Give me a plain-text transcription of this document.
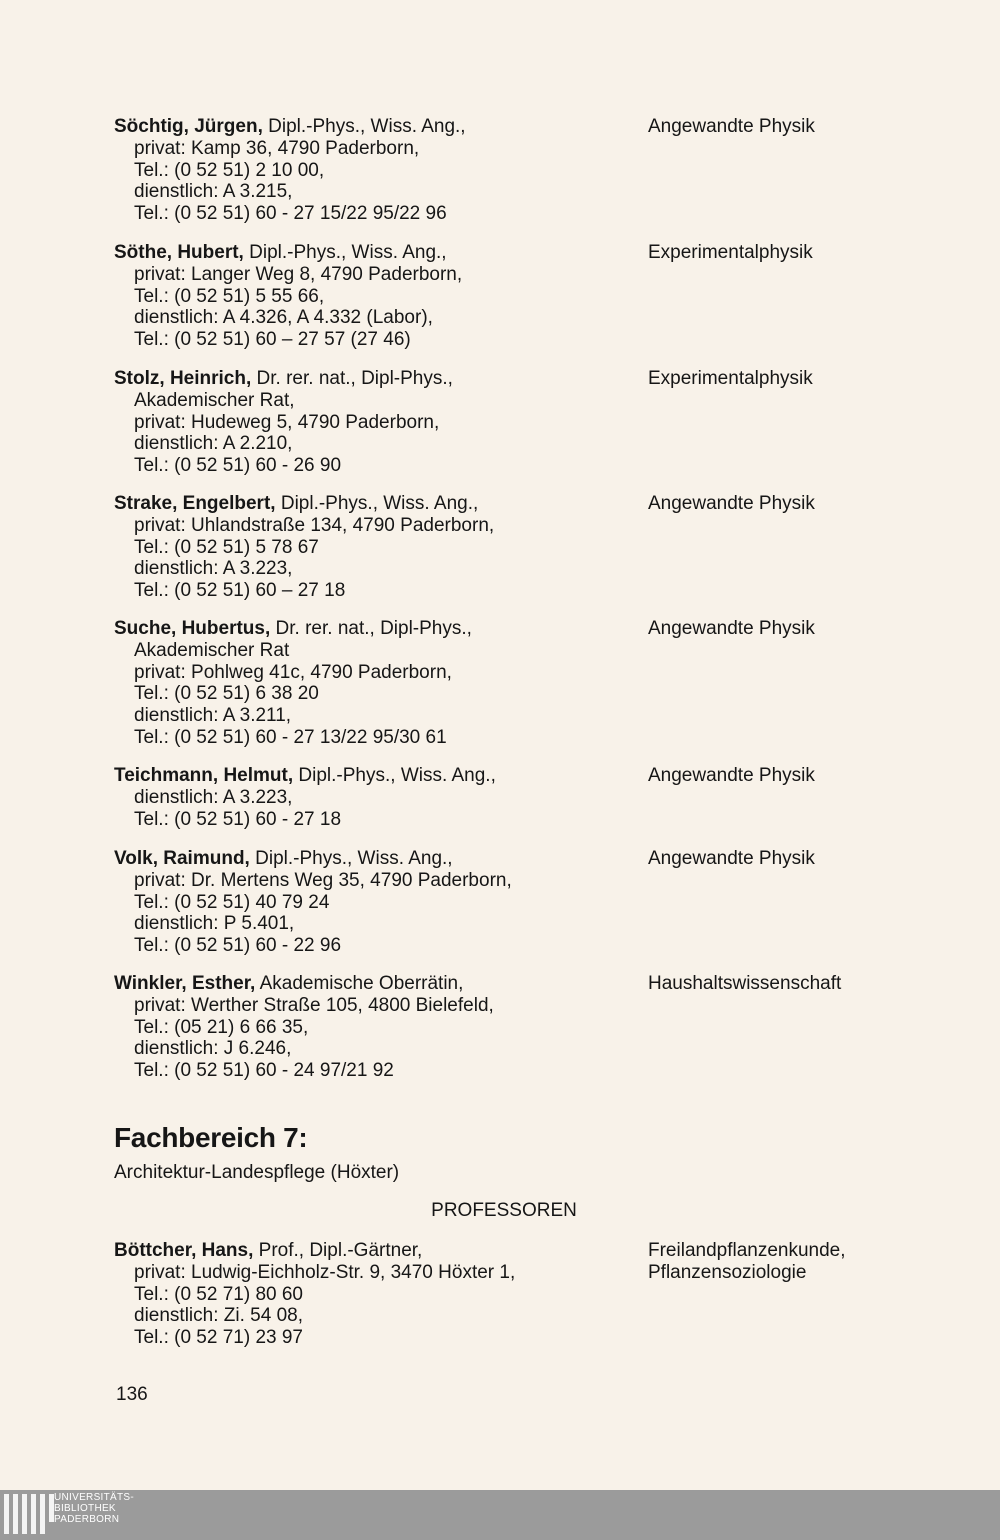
Söchtig, Jürgen, Dipl.-Phys., Wiss. Ang.,
privat: Kamp 36, 4790 Paderborn,
Tel.: (0 52 51) 2 10 00,
dienstlich: A 3.215,
Tel.: (0 52 51) 60 - 27 15/22 95/22 96
Angewandte Physik
Söthe, Hubert, Dipl.-Phys., Wiss. Ang.,
privat: Langer Weg 8, 4790 Paderborn,
Tel.: (0 52 51) 5 55 66,
dienstlich: A 4.326, A 4.332 (Labor),
Tel.: (0 52 51) 60 – 27 57 (27 46)
Experimentalphysik
Stolz, Heinrich, Dr. rer. nat., Dipl-Phys.,
Akademischer Rat,
privat: Hudeweg 5, 4790 Paderborn,
dienstlich: A 2.210,
Tel.: (0 52 51) 60 - 26 90
Experimentalphysik
Strake, Engelbert, Dipl.-Phys., Wiss. Ang.,
privat: Uhlandstraße 134, 4790 Paderborn,
Tel.: (0 52 51) 5 78 67
dienstlich: A 3.223,
Tel.: (0 52 51) 60 – 27 18
Angewandte Physik
Suche, Hubertus, Dr. rer. nat., Dipl-Phys.,
Akademischer Rat
privat: Pohlweg 41c, 4790 Paderborn,
Tel.: (0 52 51) 6 38 20
dienstlich: A 3.211,
Tel.: (0 52 51) 60 - 27 13/22 95/30 61
Angewandte Physik
Teichmann, Helmut, Dipl.-Phys., Wiss. Ang.,
dienstlich: A 3.223,
Tel.: (0 52 51) 60 - 27 18
Angewandte Physik
Volk, Raimund, Dipl.-Phys., Wiss. Ang.,
privat: Dr. Mertens Weg 35, 4790 Paderborn,
Tel.: (0 52 51) 40 79 24
dienstlich: P 5.401,
Tel.: (0 52 51) 60 - 22 96
Angewandte Physik
Winkler, Esther, Akademische Oberrätin,
privat: Werther Straße 105, 4800 Bielefeld,
Tel.: (05 21) 6 66 35,
dienstlich: J 6.246,
Tel.: (0 52 51) 60 - 24 97/21 92
Haushaltswissenschaft
Böttcher, Hans, Prof., Dipl.-Gärtner,
privat: Ludwig-Eichholz-Str. 9, 3470 Höxter 1,
Tel.: (0 52 71) 80 60
dienstlich: Zi. 54 08,
Tel.: (0 52 71) 23 97
Freilandpflanzenkunde,
Pflanzensoziologie
Fachbereich 7:
Architektur-Landespflege (Höxter)
PROFESSOREN
136
UNIVERSITÄTS-
BIBLIOTHEK
PADERBORN
